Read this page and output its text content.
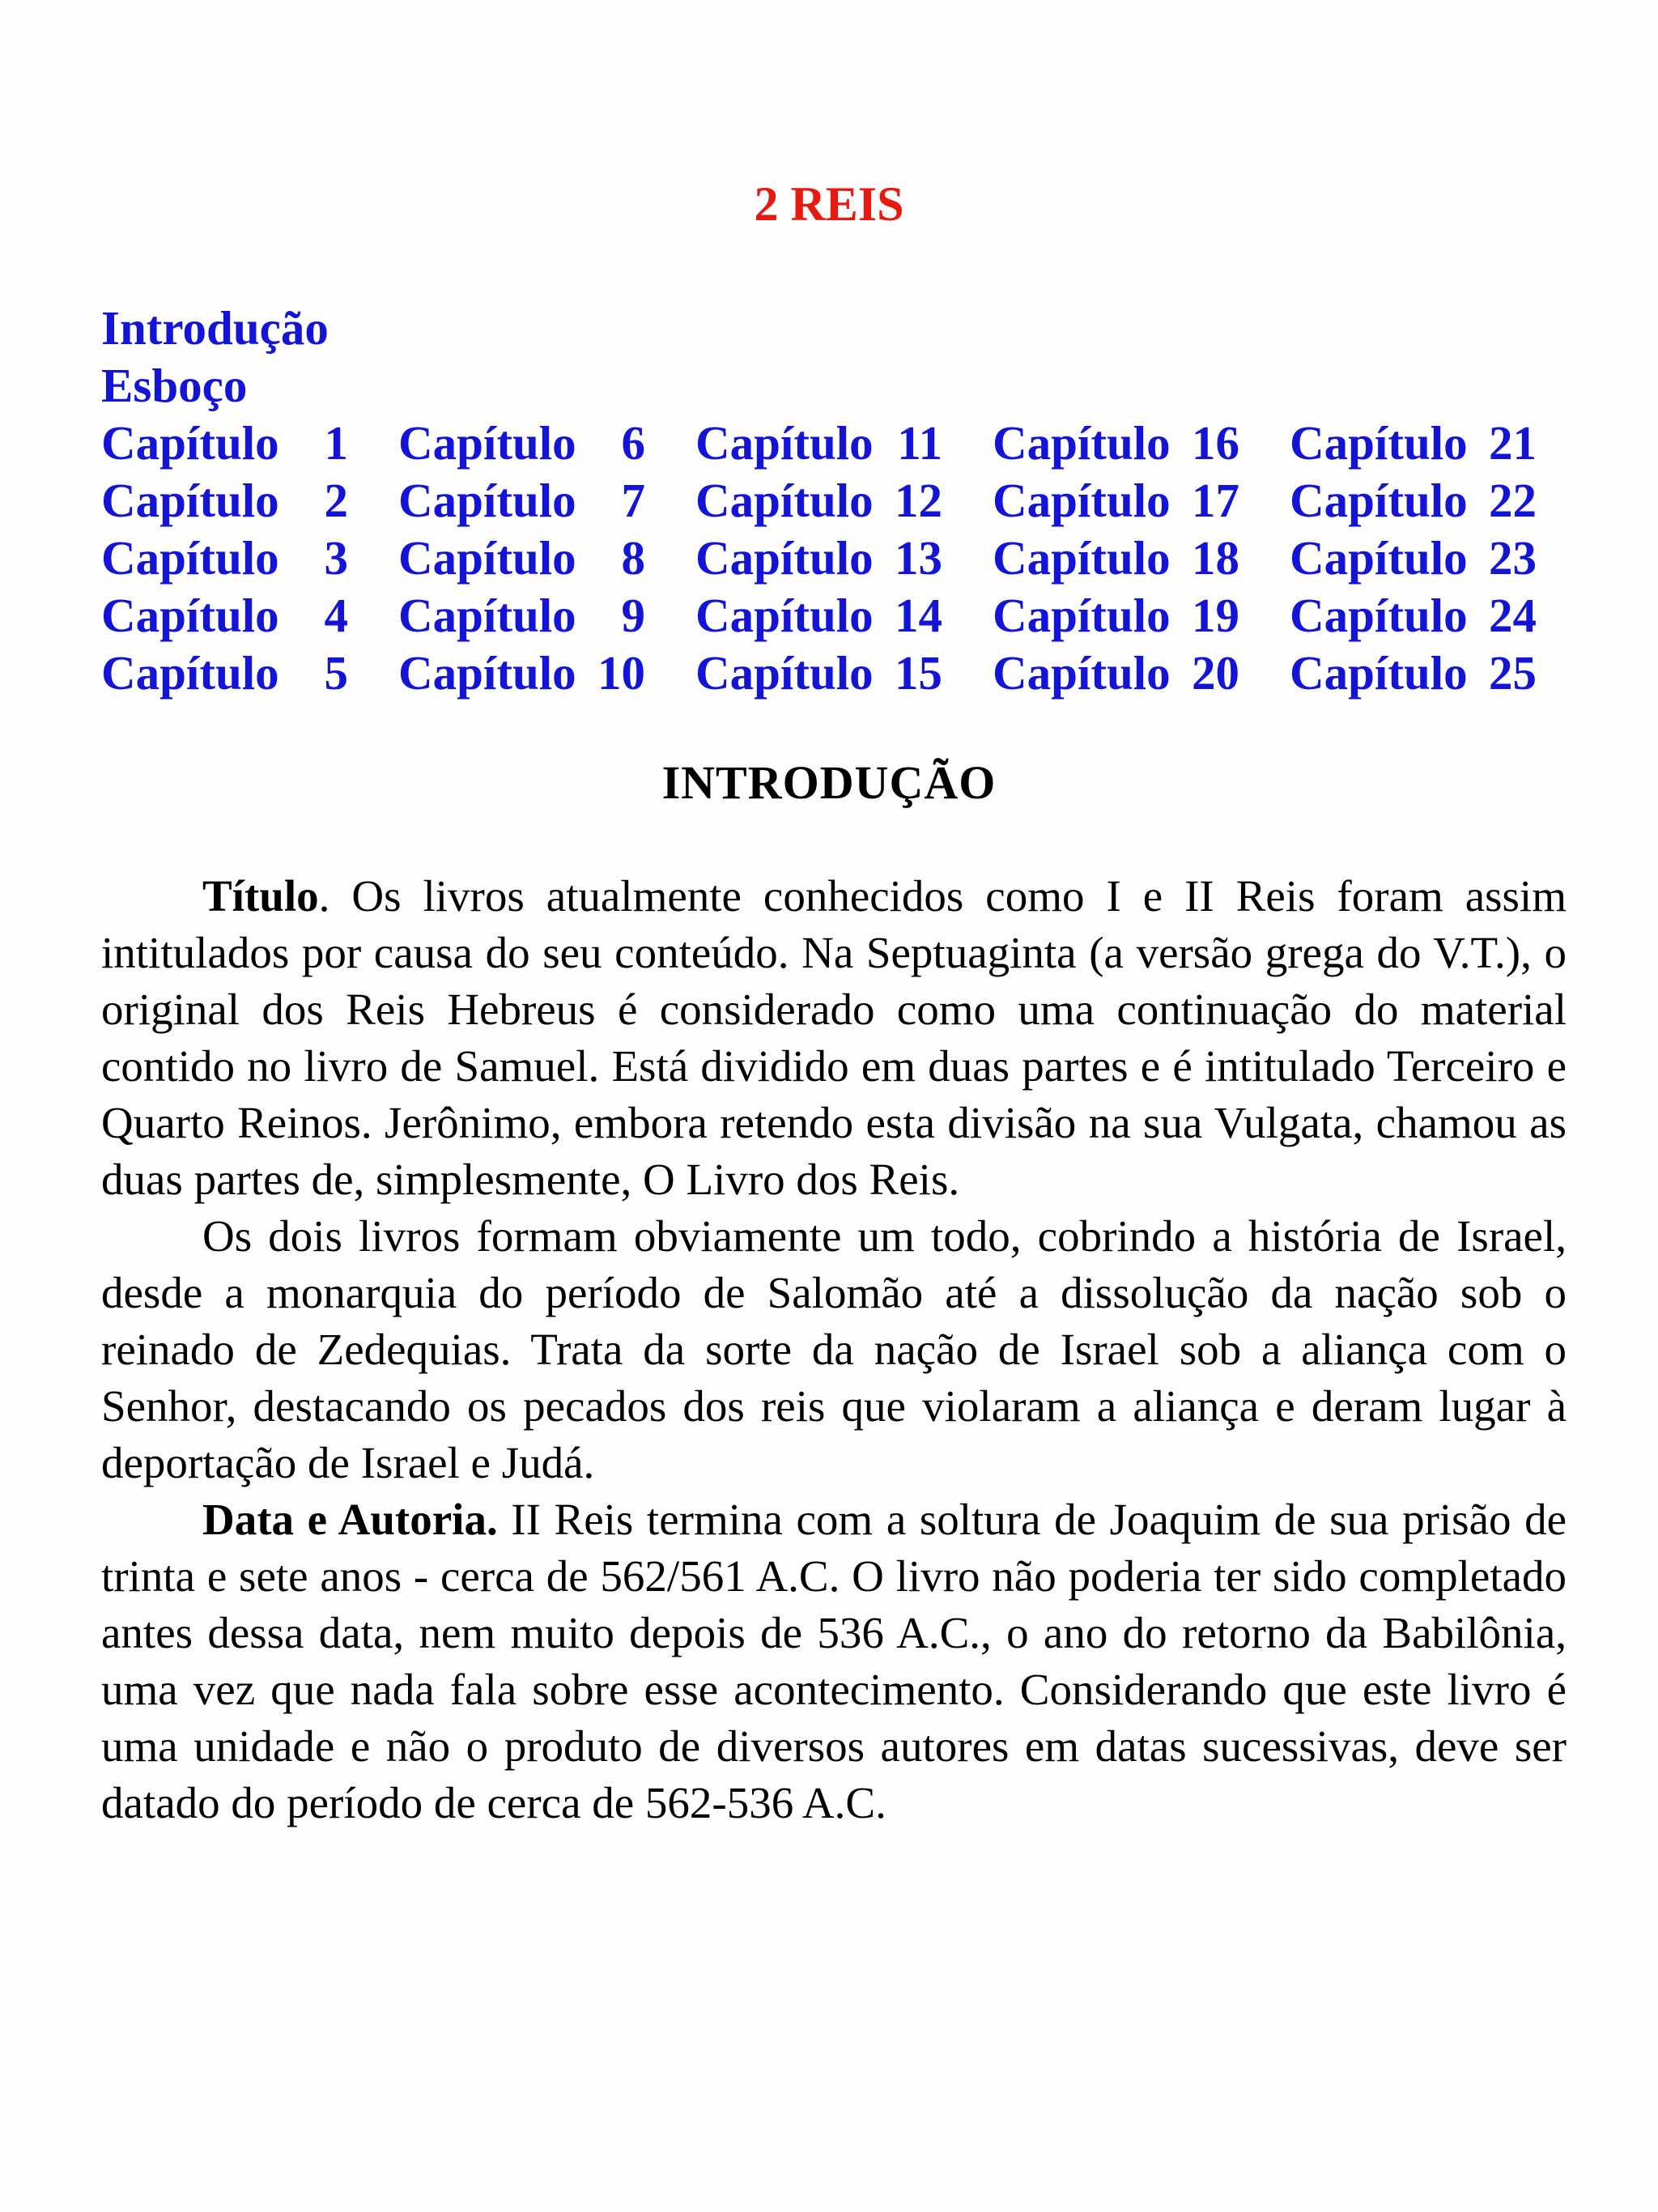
2 REIS
Introdução
Esboço
Capítulo 1
Capítulo 2
Capítulo 3
Capítulo 4
Capítulo 5
Capítulo 6
Capítulo 7
Capítulo 8
Capítulo 9
Capítulo 10
Capítulo 11
Capítulo 12
Capítulo 13
Capítulo 14
Capítulo 15
Capítulo 16
Capítulo 17
Capítulo 18
Capítulo 19
Capítulo 20
Capítulo 21
Capítulo 22
Capítulo 23
Capítulo 24
Capítulo 25
INTRODUÇÃO

Título. Os livros atualmente conhecidos como I e II Reis foram assim intitulados por causa do seu conteúdo. Na Septuaginta (a versão grega do V.T.), o original dos Reis Hebreus é considerado como uma continuação do material contido no livro de Samuel. Está dividido em duas partes e é intitulado Terceiro e Quarto Reinos. Jerônimo, embora retendo esta divisão na sua Vulgata, chamou as duas partes de, simplesmente, O Livro dos Reis.

Os dois livros formam obviamente um todo, cobrindo a história de Israel, desde a monarquia do período de Salomão até a dissolução da nação sob o reinado de Zedequias. Trata da sorte da nação de Israel sob a aliança com o Senhor, destacando os pecados dos reis que violaram a aliança e deram lugar à deportação de Israel e Judá.

Data e Autoria. II Reis termina com a soltura de Joaquim de sua prisão de trinta e sete anos - cerca de 562/561 A.C. O livro não poderia ter sido completado antes dessa data, nem muito depois de 536 A.C., o ano do retorno da Babilônia, uma vez que nada fala sobre esse acontecimento. Considerando que este livro é uma unidade e não o produto de diversos autores em datas sucessivas, deve ser datado do período de cerca de 562-536 A.C.
